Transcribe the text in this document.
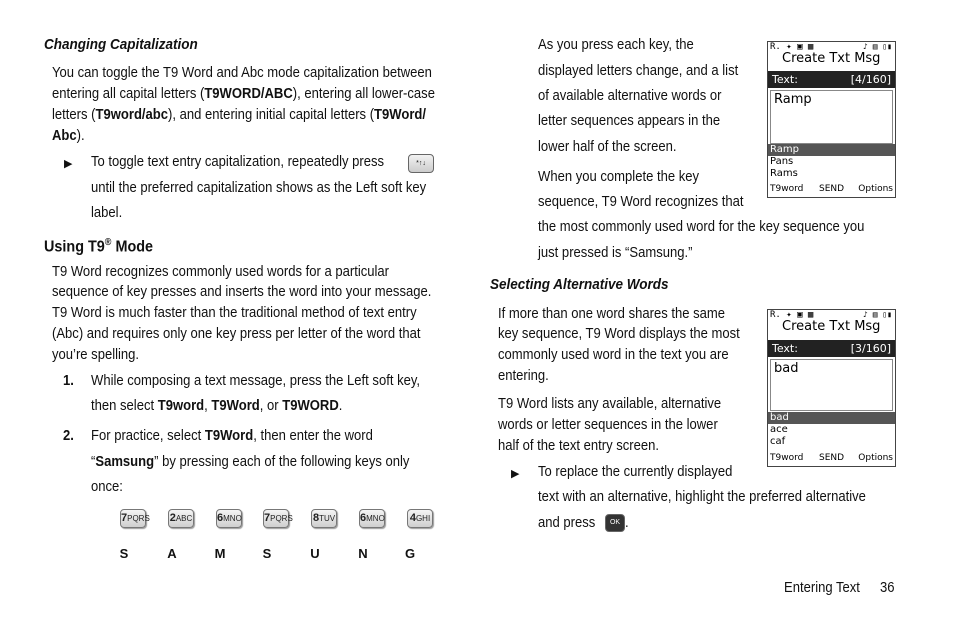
Changing Capitalization
You can toggle the T9 Word and Abc mode capitalization between
entering all capital letters (T9WORD/ABC), entering all lower-case
letters (T9word/abc), and entering initial capital letters (T9Word/
Abc).
▶ To toggle text entry capitalization, repeatedly press	*↑↓
until the preferred capitalization shows as the Left soft key
label.
Using T9® Mode
T9 Word recognizes commonly used words for a particular
sequence of key presses and inserts the word into your message.
T9 Word is much faster than the traditional method of text entry
(Abc) and requires only one key press per letter of the word that
you’re spelling.
1. While composing a text message, press the Left soft key,
then select T9word, T9Word, or T9WORD.
2. For practice, select T9Word, then enter the word
“Samsung” by pressing each of the following keys only
once:
7PQRS 2ABC 6MNO 7PQRS 8TUV 6MNO 4GHI
S	A	M	S	U	N	G
As you press each key, the
displayed letters change, and a list
of available alternative words or
letter sequences appears in the
lower half of the screen.
When you complete the key
sequence, T9 Word recognizes that
the most commonly used word for the key sequence you
just pressed is “Samsung.”
Selecting Alternative Words
If more than one word shares the same
key sequence, T9 Word displays the most
commonly used word in the text you are
entering.
T9 Word lists any available, alternative
words or letter sequences in the lower
half of the text entry screen.
▶ To replace the currently displayed
text with an alternative, highlight the preferred alternative
and press	OK .
R. ✦ ▣ ▦	♪ ▥ ▯▮
Create Txt Msg
Text:	[4/160]
Ramp
Ramp
Pans
Rams
T9word SEND Options
R. ✦ ▣ ▦	♪ ▥ ▯▮
Create Txt Msg
Text:	[3/160]
bad
bad
ace
caf
T9word SEND Options
Entering Text 36
